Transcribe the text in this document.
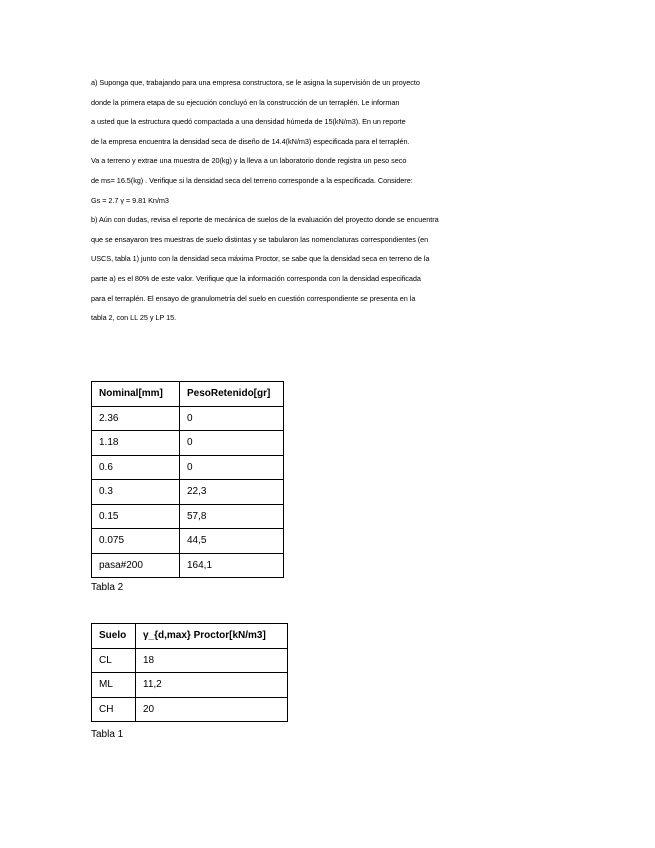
a) Suponga que, trabajando para una empresa constructora, se le asigna la supervisión de un proyecto

donde la primera etapa de su ejecución concluyó en la construcción de un terraplén. Le informan

a usted que la estructura quedó compactada a una densidad húmeda de 15(kN/m3). En un reporte

de la empresa encuentra la densidad seca de diseño de 14.4(kN/m3) especificada para el terraplén.

Va a terreno y extrae una muestra de 20(kg) y la lleva a un laboratorio donde registra un peso seco

de ms= 16.5(kg) . Verifique si la densidad seca del terreno corresponde a la especificada. Considere:

Gs = 2.7 γ = 9.81 Kn/m3

b) Aún con dudas, revisa el reporte de mecánica de suelos de la evaluación del proyecto donde se encuentra

que se ensayaron tres muestras de suelo distintas y se tabularon las nomenclaturas correspondientes (en

USCS, tabla 1) junto con la densidad seca máxima Proctor, se sabe que la densidad seca en terreno de la

parte a) es el 80% de este valor. Verifique que la información corresponda con la densidad especificada

para el terraplén. El ensayo de granulometría del suelo en cuestión correspondiente se presenta en la

tabla 2, con LL 25 y LP 15.

Nominal[mm]	PesoRetenido[gr]
2.36	0
1.18	0
0.6	0
0.3	22,3
0.15	57,8
0.075	44,5
pasa#200	164,1
Tabla 2
Suelo	γ_{d,max} Proctor[kN/m3]
CL	18
ML	11,2
CH	20
Tabla 1
